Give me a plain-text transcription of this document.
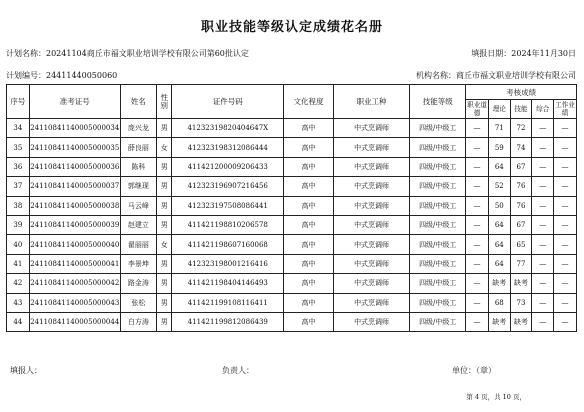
职业技能等级认定成绩花名册
计划名称：20241104商丘市福文职业培训学校有限公司第60批认定	填报日期：2024年11月30日
计划编号：24411440050060	机构名称：商丘市福文职业培训学校有限公司
序号	准考证号	姓名	性别	证件号码	文化程度	职业工种	技能等级	考核成绩				
								职业道德	理论	技能	综合	工作业绩
34	24110841140005000034	庞兴龙	男	41232319820404647X	高中	中式烹调师	四级/中级工	—	71	72	—	—
35	24110841140005000035	薛良丽	女	412323198312086444	高中	中式烹调师	四级/中级工	—	59	74	—	—
36	24110841140005000036	陈科	男	411421200009206433	高中	中式烹调师	四级/中级工	—	64	67	—	—
37	24110841140005000037	郭继现	男	412323196907216456	高中	中式烹调师	四级/中级工	—	52	76	—	—
38	24110841140005000038	马云峰	男	412323197508086441	高中	中式烹调师	四级/中级工	—	50	76	—	—
39	24110841140005000039	赵建立	男	411421198810206578	高中	中式烹调师	四级/中级工	—	64	67	—	—
40	24110841140005000040	翟丽丽	女	411421198607160068	高中	中式烹调师	四级/中级工	—	64	65	—	—
41	24110841140005000041	李景坤	男	412323198001216416	高中	中式烹调师	四级/中级工	—	64	77	—	—
42	24110841140005000042	路金涛	男	411421198404146493	高中	中式烹调师	四级/中级工	—	缺考	缺考	—	—
43	24110841140005000043	张松	男	411421199108116411	高中	中式烹调师	四级/中级工	—	68	73	—	—
44	24110841140005000044	白方涛	男	411421199812086439	高中	中式烹调师	四级/中级工	—	缺考	缺考	—	—
填报人：	负责人：	单位：（章）
第 4 页，共 10 页，
